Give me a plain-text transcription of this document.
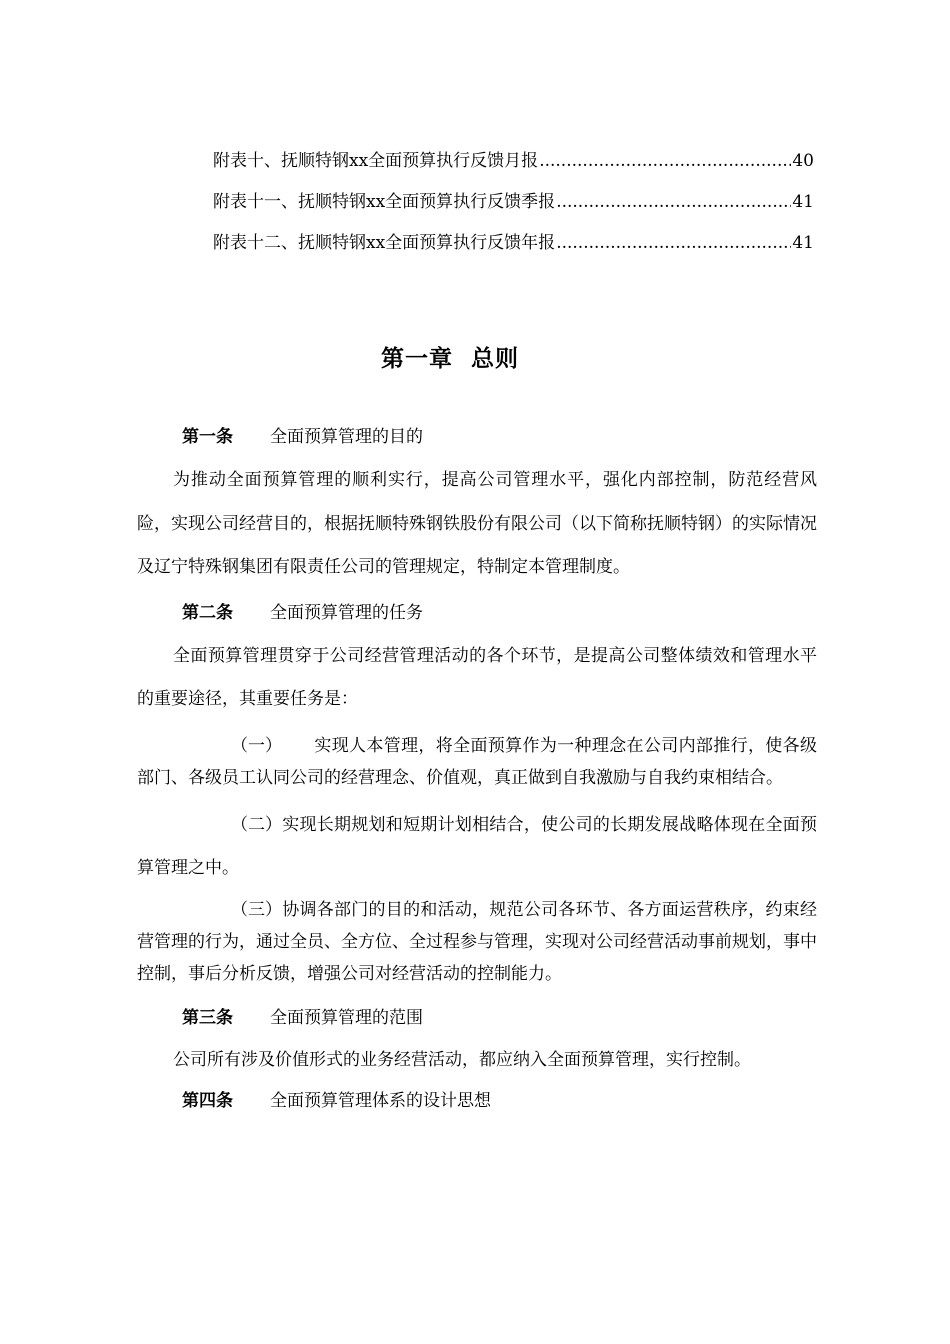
附表十、抚顺特钢xx全面预算执行反馈月报 .....	40
附表十一、抚顺特钢xx全面预算执行反馈季报 .....	41
附表十二、抚顺特钢xx全面预算执行反馈年报 .....	41
第一章  总则

第一条 全面预算管理的目的

为推动全面预算管理的顺利实行，提高公司管理水平，强化内部控制，防范经营风险，实现公司经营目的，根据抚顺特殊钢铁股份有限公司（以下简称抚顺特钢）的实际情况及辽宁特殊钢集团有限责任公司的管理规定，特制定本管理制度。

第二条 全面预算管理的任务

全面预算管理贯穿于公司经营管理活动的各个环节，是提高公司整体绩效和管理水平的重要途径，其重要任务是：

（一） 实现人本管理，将全面预算作为一种理念在公司内部推行，使各级部门、各级员工认同公司的经营理念、价值观，真正做到自我激励与自我约束相结合。

（二）实现长期规划和短期计划相结合，使公司的长期发展战略体现在全面预算管理之中。

（三）协调各部门的目的和活动，规范公司各环节、各方面运营秩序，约束经营管理的行为，通过全员、全方位、全过程参与管理，实现对公司经营活动事前规划，事中控制，事后分析反馈，增强公司对经营活动的控制能力。

第三条 全面预算管理的范围

公司所有涉及价值形式的业务经营活动，都应纳入全面预算管理，实行控制。

第四条 全面预算管理体系的设计思想
